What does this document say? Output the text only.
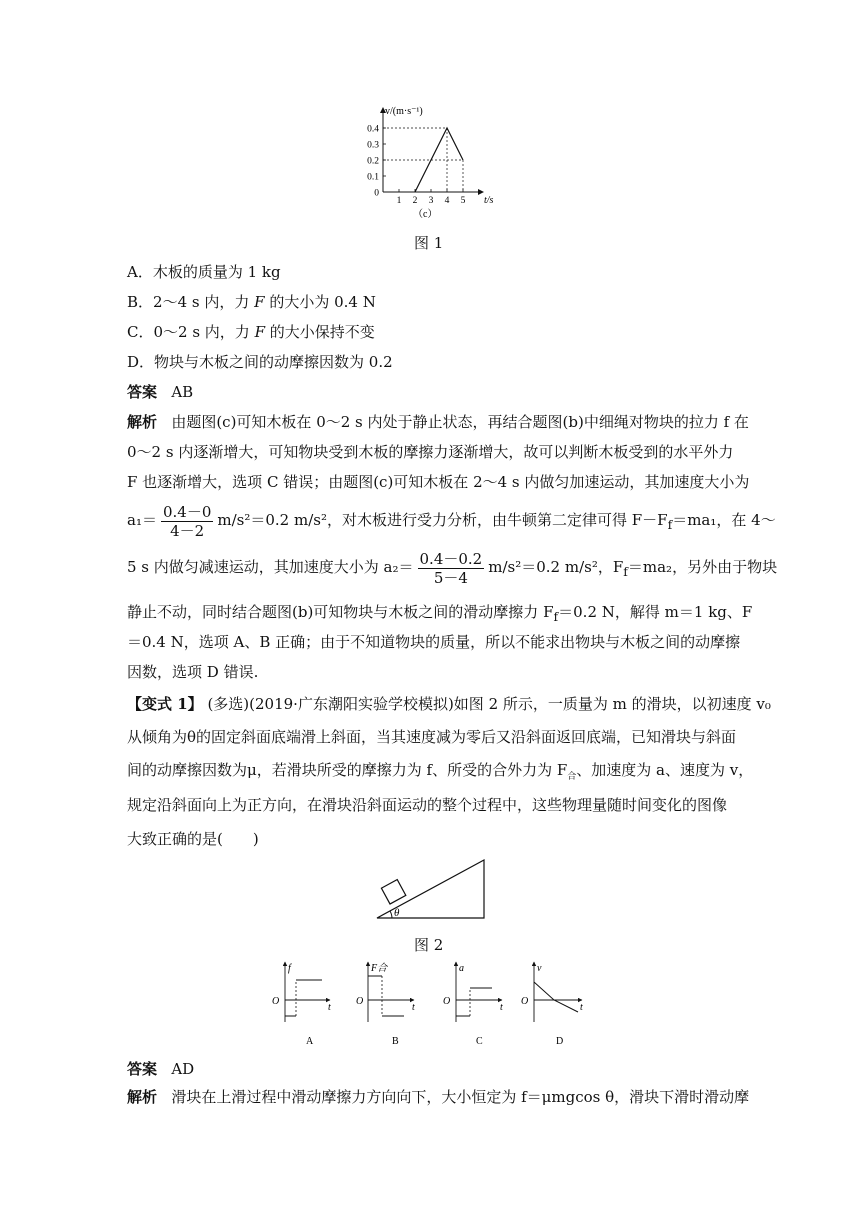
0.4
0.3
0.2
0.1
0
1 2 3 4 5
v/(m·s⁻¹)
t/s
（c）
图 1
A．木板的质量为 1 kg
B．2～4 s 内，力 F 的大小为 0.4 N
C．0～2 s 内，力 F 的大小保持不变
D．物块与木板之间的动摩擦因数为 0.2
答案 AB
解析 由题图(c)可知木板在 0～2 s 内处于静止状态，再结合题图(b)中细绳对物块的拉力 f 在
0～2 s 内逐渐增大，可知物块受到木板的摩擦力逐渐增大，故可以判断木板受到的水平外力
F 也逐渐增大，选项 C 错误；由题图(c)可知木板在 2～4 s 内做匀加速运动，其加速度大小为
$a_1= \frac{0.4-0}{4-2} m/s^2=0.2$ m/s²，对木板进行受力分析，由牛顿第二定律可得 $F-F_f=ma_1$，在 4～
5 s 内做匀减速运动，其加速度大小为 $a_2= \frac{0.4-0.2}{5-4} m/s^2=0.2$ m/s²，$F_f=ma_2$，另外由于物块
静止不动，同时结合题图(b)可知物块与木板之间的滑动摩擦力 $F_f=0.2$ N，解得 m＝1 kg、F
＝0.4 N，选项 A、B 正确；由于不知道物块的质量，所以不能求出物块与木板之间的动摩擦
因数，选项 D 错误.
【变式 1】 (多选)(2019·广东潮阳实验学校模拟)如图 2 所示，一质量为 m 的滑块，以初速度 v₀
从倾角为θ的固定斜面底端滑上斜面，当其速度减为零后又沿斜面返回底端，已知滑块与斜面
间的动摩擦因数为μ，若滑块所受的摩擦力为 f、所受的合外力为 $F_合$、加速度为 a、速度为 v，
规定沿斜面向上为正方向，在滑块沿斜面运动的整个过程中，这些物理量随时间变化的图像
大致正确的是(　　)
θ
图 2
f
t
O
A
F合
t
O
B
a
t
O
C
v
t
O
D
答案 AD
解析 滑块在上滑过程中滑动摩擦力方向向下，大小恒定为 f＝μmgcos θ，滑块下滑时滑动摩
